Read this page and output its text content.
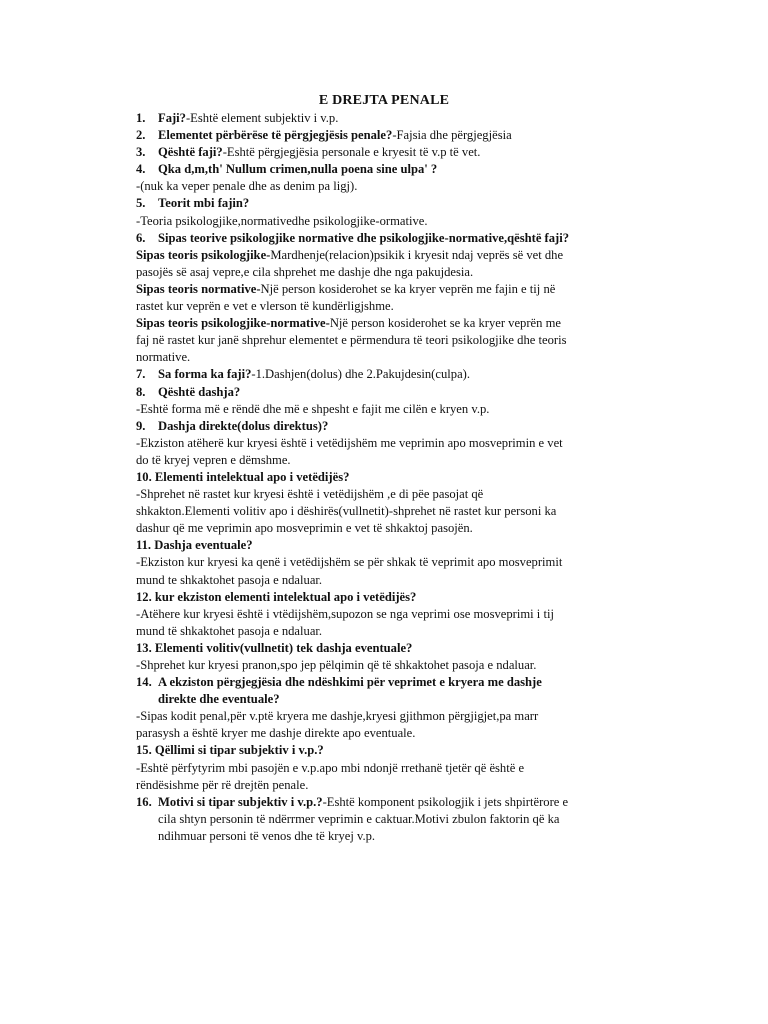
E DREJTA PENALE
1. Faji?-Eshtë element subjektiv i v.p.
2. Elementet përbërëse të përgjegjësis penale?-Fajsia dhe përgjegjësia
3. Qështë faji?-Eshtë përgjegjësia personale e kryesit të v.p të vet.
4. Qka d,m,th' Nullum crimen,nulla poena sine ulpa' ?
-(nuk ka veper penale dhe as denim pa ligj).
5. Teorit mbi fajin?
-Teoria psikologjike,normativedhe psikologjike-ormative.
6. Sipas teorive psikologjike normative dhe psikologjike-normative,qështë faji?
Sipas teoris psikologjike-Mardhenje(relacion)psikik i kryesit ndaj veprës së vet dhe
pasojës së asaj vepre,e cila shprehet me dashje dhe nga pakujdesia.
Sipas teoris normative-Një person kosiderohet se ka kryer veprën me fajin e tij në
rastet kur veprën e vet e vlerson të kundërligjshme.
Sipas teoris psikologjike-normative-Një person kosiderohet se ka kryer veprën me
faj në rastet kur janë shprehur elementet e përmendura të teori psikologjike dhe teoris
normative.
7. Sa forma ka faji?-1.Dashjen(dolus) dhe 2.Pakujdesin(culpa).
8. Qështë dashja?
-Eshtë forma më e rëndë dhe më e shpesht e fajit me cilën e kryen v.p.
9. Dashja direkte(dolus direktus)?
-Ekziston atëherë kur kryesi është i vetëdijshëm me veprimin apo mosveprimin e vet
do të kryej vepren e dëmshme.
10. Elementi intelektual apo i vetëdijës?
-Shprehet në rastet kur kryesi është i vetëdijshëm ,e di pëe pasojat që
shkakton.Elementi volitiv apo i dëshirës(vullnetit)-shprehet në rastet kur personi ka
dashur që me veprimin apo mosveprimin e vet të shkaktoj pasojën.
11. Dashja eventuale?
-Ekziston kur kryesi ka qenë i vetëdijshëm se për shkak të veprimit apo mosveprimit
mund te shkaktohet pasoja e ndaluar.
12. kur ekziston elementi intelektual apo i vetëdijës?
-Atëhere kur kryesi është i vtëdijshëm,supozon se nga veprimi ose mosveprimi i tij
mund të shkaktohet pasoja e ndaluar.
13. Elementi volitiv(vullnetit) tek dashja eventuale?
-Shprehet kur kryesi pranon,spo jep pëlqimin që të shkaktohet pasoja e ndaluar.
14. A ekziston përgjegjësia dhe ndëshkimi për veprimet e kryera me dashje
direkte dhe eventuale?
-Sipas kodit penal,për v.ptë kryera me dashje,kryesi gjithmon përgjigjet,pa marr
parasysh a është kryer me dashje direkte apo eventuale.
15. Qëllimi si tipar subjektiv i v.p.?
-Eshtë përfytyrim mbi pasojën e v.p.apo mbi ndonjë rrethanë tjetër që është e
rëndësishme për rë drejtën penale.
16. Motivi si tipar subjektiv i v.p.?-Eshtë komponent psikologjik i jets shpirtërore e
cila shtyn personin të ndërrmer veprimin e caktuar.Motivi zbulon faktorin që ka
ndihmuar personi të venos dhe të kryej v.p.
